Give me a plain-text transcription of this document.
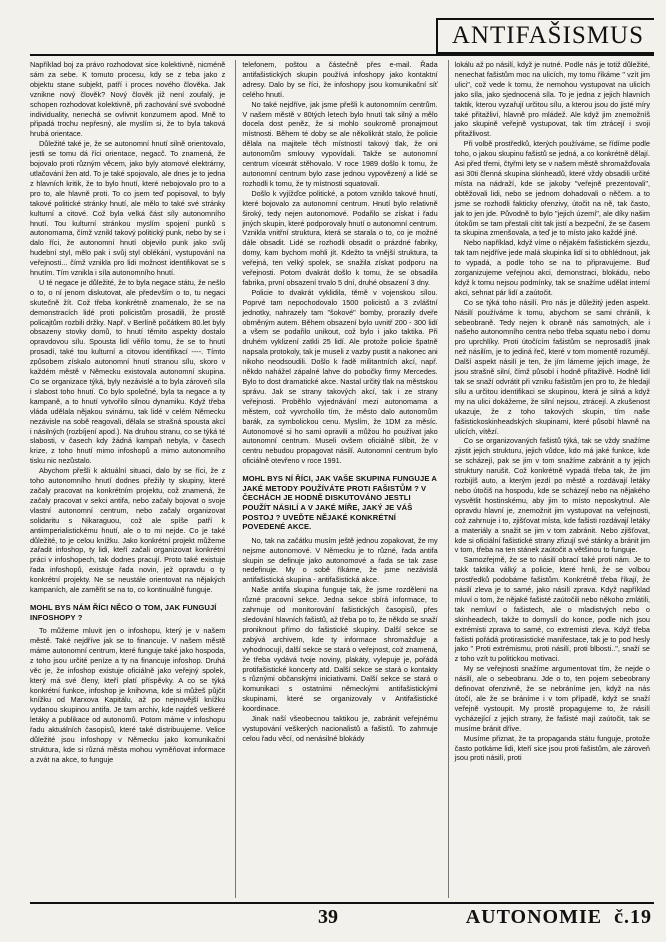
ANTIFAŠISMUS

Například boj za právo rozhodovat sice kolektivně, nicméně sám za sebe. K tomuto procesu, kdy se z teba jako z objektu stane subjekt, patří i proces nového člověka. Jak vznikne nový člověk? Nový člověk již není zoufalý, je schopen rozhodovat kolektivně, při zachování své svobodné individuality, nenechá se ovlivnit konzumem apod. Mně to připadá trochu nepřesný, ale myslím si, že to byla taková hrubá orientace.

Důležité také je, že se autonomní hnutí silně orientovalo, jestli se tomu dá říci orientace, negacč. To znamená, že bojovalo proti různým věcem, jako byly atomové elektrárny, utlačování žen atd. To je také spojovalo, ale dnes je to jedna z hlavních kritik, že to bylo hnutí, které nebojovalo pro to a pro to, ale hlavně proti. To co jsem teď popisoval, to byly takové politické stránky hnutí, ale mělo to také své stránky kulturní a citové. Což byla velká část síly autonomního hnutí. Tou kulturní stránkou myslím spojení punků s autonomama, čímž vznikl takový politický punk, nebo by se i dalo říci, že autonomní hnutí objevilo punk jako svůj hudební styl, mělo pak i svůj styl oblékání, vystupování na veřejnosti... čímž vznikla pro lidi možnost identifikovat se s hnutím. Tím vznikla i síla autonomního hnutí.

U té negace je důležité, že to byla negace státu, že nešlo o to, o ní jenom diskutovat, ale především o to, tu negaci skutečně žít. Což třeba konkrétně znamenalo, že se na demonstracích lidé proti policistům prosadili, že prostě policajtům rozbili držky. Např. v Berlíně počátkem 80.let byly obsazeny stovky domů, to hnutí těmito aspekty dostalo opravdovou sílu. Spousta lidí věřilo tomu, že se to hnutí prosadí, také tou kulturní a citovou identifikací ----. Tímto způsobem získalo autonomní hnutí stranou sílu, skoro v každém městě v Německu existovala autonomní skupina. Co se organizace týká, byly nezávislé a to byla zároveň síla i slabost toho hnutí. Co bylo společné, byla ta negace a ty kampaně, a to hnutí vytvořilo silnou dynamiku. Když třeba vláda udělala nějakou svinárnu, tak lidé v celém Německu nezávisle na sobě reagovali, dělala se strašná spousta akcí i násilných (rozbíjení apod.). Na druhou stranu, co se týká té slabosti, v časech kdy žádná kampaň nebyla, v časech krize, z toho hnutí mimo infoshopů a mimo autonomního tisku nic nezůstalo.

Abychom přešli k aktuální situaci, dalo by se říci, že z toho autonomního hnutí dodnes přežily ty skupiny, které začaly pracovat na konkrétním projektu, což znamená, že začaly pracovat v sekci antifa, nebo začaly bojovat o svoje vlastní autonomní centrum, nebo začaly organizovat solidaritu s Nikaraguou, což ale spíše patří k antiimperialistickému hnutí, ale o to mi nejde. Co je také důležité, to je celou knížku. Jako konkrétní projekt můžeme zařadit infoshop, ty lidi, kteří začali organizovat konkrétní práci v infoshopech, tak dodnes pracují. Proto také existuje řada infoshopů, existuje řada novin, jež opravdu o ty konkrétní projekty. Ne se neustále orientovat na nějakých kampaních, ale zaměřit se na to, co kontinuálně funguje.

MOHL BYS NÁM ŘÍCI NĚCO O TOM, JAK FUNGUJÍ INFOSHOPY ?

To můžeme mluvit jen o infoshopu, který je v našem městě. Také nejdříve jak se to financuje. V našem městě máme autonomní centrum, které funguje také jako hospoda, z toho jsou určité peníze a ty na financuje infoshop. Druhá věc je, že infoshop existuje oficiálně jako veřejný spolek, který má své členy, kteří platí příspěvky. A co se týká konkrétní funkce, infoshop je knihovna, kde si můžeš půjčit knížku od Marxova Kapitálu, až po nejnovější knížku vydanou skupinou antifa. Je tam archiv, kde najdeš veškeré letáky a publikace od autonomů. Potom máme v infoshopu řadu aktuálních časopisů, které také distribuujeme. Velice důležité jsou infoshopy v Německu jako komunikační struktura, kde si různá města mohou vyměňovat informace a zvát na akce, to funguje

telefonem, poštou a částečně přes e-mail. Řada antifašistických skupin používá infoshopy jako kontaktní adresy. Dalo by se říci, že infoshopy jsou komunikační síť celého hnutí.

No také nejdříve, jak jsme přešli k autonomním centrům. V našem městě v 80tých letech bylo hnutí tak silný a mělo docela dost peněz, že si mohlo soukromě pronajmout místnosti. Během té doby se ale několikrát stalo, že policie dělala na majitele těch místností takový tlak, že oni autonomům smlouvy vypovídali. Takže se autonomní centrum víceкrát stěhovalo. V roce 1989 došlo k tomu, že autonomní centrum bylo zase jednou vypovězený a lidé se rozhodli k tomu, že ty místnosti squatovali.

Došlo k vyjížďce politické, a potom vzniklo takové hnutí, které bojovalo za autonomní centrum. Hnutí bylo relativně široký, tedy nejen autonomové. Podařilo se získat i řadu jiných skupin, které podporovaly hnutí o autonomní centrum. Vznikla vnitřní struktura, která se starala o to, co je možné dále obsadit. Lidé se rozhodli obsadit o prázdné fabriky, domy, kam bychom mohli jít. Kdežto ta vnější struktura, ta veřejná, ten velký spolek, se snažila získat podporu na veřejnosti. Potom dvakrát došlo k tomu, že se obsadila fabrika, první obsazení trvalo 5 dní, druhé obsazení 3 dny.

Policie to dvakrát vyklidila, těmě v vojenskou sílou. Poprvé tam nepochodovalo 1500 policistů a 3 zvláštní jednotky, nahrazely tam "šokové" bomby, prorazily dveře obrněným autem. Během obsazení bylo uvnitř 200 - 300 lidí a všem se podařilo unikout, což bylo i jako taktika. Při druhém vyklizení zatkli 25 lidí. Ale protože policie špatně napsala protokoly, tak je museli z vazby pustit a nakonec ani nikoho neodsoudili. Došlo k řadě militantních akcí, např. někdo nahážel zápalné lahve do pobočky firmy Mercedes. Bylo to dost dramatické akce. Nastal určitý tlak na městskou správu. Jak se strany takových akcí, tak i ze strany veřejnosti. Proběhlo vyjednávání mezi autonomama a městem, což vyvrcholilo tím, že město dalo autonomům barák, za symbolickou cenu. Myslím, že 1DM za měsíc. Autonomové si ho sami opravili a můžou ho používat jako autonomní centrum. Museli ovšem oficiálně slíbit, že v centru nebudou propagovat násilí. Autonomní centrum bylo oficiálně otevřeno v roce 1991.

MOHL BYS NÍ ŘÍCI, JAK VAŠE SKUPINA FUNGUJE A JAKÉ METODY POUŽÍVÁTE PROTI FAŠISTŮM ? V ČECHÁCH JE HODNĚ DISKUTOVÁNO JESTLI POUŽÍT NÁSILÍ A V JAKÉ MÍŘE, JAKÝ JE VÁŠ POSTOJ ? UVEĎTE NĚJAKÉ KONKRÉTNÍ POVEDENÉ AKCE.

No, tak na začátku musím ještě jednou zopakovat, že my nejsme autonomové. V Německu je to různé, řada antifa skupin se definuje jako autonomové a řada se tak zase nedefinuje. My o sobě říkáme, že jsme nezávislá antifašistická skupina - antifašistická akce.

Naše antifa skupina funguje tak, že jsme rozděleni na různé pracovní sekce. Jedna sekce sbírá informace, to zahrnuje od monitorování fašistických časopisů, přes sledování hlavních fašistů, až třeba po to, že někdo se snaží proniknout přímo do fašistické skupiny. Další sekce se zabývá archivem, kde ty informace shromažďuje a vyhodnocují, další sekce se stará o veřejnost, což znamená, že třeba vydává tvoje noviny, plakáty, vylepuje je, pořádá protifašistické koncerty atd. Další sekce se stará o kontakty s různými občanskými iniciativami. Další sekce se stará o komunikaci s ostatními německými antifašistickými skupinami, které se organizovaly v Antifašistické koordinace.

Jinak naší všeobecnou taktikou je, zabránit veřejnému vystupování veškerých nacionalistů a fašistů. To zahrnuje celou řadu věcí, od nenásilné blokády

lokálu až po násilí, když je nutné. Podle nás je totiž důležité, nenechat fašistům moc na ulicích, my tomu říkáme " vzít jim ulici", což vede k tomu, že nemohou vystupovat na ulicích jako síla, jako sjednocená síla. To je jedna z jejich hlavních taktik, kterou vyzařují určitou sílu, a kterou jsou do jisté míry také přitažliví, hlavně pro mládež. Ale když jim znemožníš jako skupině veřejně vystupovat, tak tím ztrácejí i svoji přitažlivost.

Při volbě prostředků, kterých používáme, se řídíme podle toho, o jakou skupinu fašistů se jedná, a co konkrétně dělají. Asi před třemi, čtyřmi lety se v našem městě shromažďovala asi 30ti členná skupina skinheadů, které vždy obsadili určité místa na nádraží, kde se jakoby "veřejně prezentovali", obtěžovali lidi, nebo se jednom dohadovali o něčem. a to jsme se rozhodli fakticky ofenzivy, útočit na ně, tak často, jak to jen jde. Původně to bylo "jejich území", ale díky našim útokům se tam přestali cítit tak jistí a bezpeční, že se časem ta skupina zmenšovala, a teď je to místo jako každé jiné.

Nebo například, když víme o nějakém fašistickém sjezdu, tak tam nejdříve jede malá skupinka lidí si to obhlédnout, jak to vypadá, a podle toho se na to připravujeme. Buď zorganizujeme veřejnou akci, demonstraci, blokádu, nebo když k tomu nejsou podmínky, tak se snažíme udělat interní akci, sehnat pár lidí a zaútočit.

Co se týká toho násilí. Pro nás je důležitý jeden aspekt. Násilí používáme k tomu, abychom se sami chránili, k sebeobraně. Tedy nejen k obraně nás samotných, ale i našeho autonomního centra nebo třeba squatu nebo i domu pro uprchlíky. Proti útočícím fašistům se neprosadíš jinak než násilím, je to jediná řeč, které v tom momentě rozumějí. Další aspekt násilí je ten, že jím lámeme jejich image, že jsou strašně silní, čímž působí i hodně přitažlivě. Hodně lidí tak se snaží odvrátit při vzniku fašistům jen pro to, že hledají sílu a určitou identifikaci se skupinou, která je silná a když my na ulici dokážeme, že silní nejsou, ztrácejí. A zkušenost ukazuje, že z toho takových skupin, tím naše fašistickoskinheadských skupinami, které působí hlavně na ulicích, vítězí.

Co se organizovaných fašistů týká, tak se vždy snažíme zjistit jejich strukturu, jejich vůdce, kdo má jaké funkce, kde se scházejí, pak se jim v tom snažíme zabránit a ty jejich struktury narušit. Což konkrétně vypadá třeba tak, že jim rozbijíš auto, a kterým jezdí po městě a rozdávají letáky nebo útočiš na hospodu, kde se scházejí nebo na nějakého vysvětlit hostinskému, aby jim to místo neposkytnul. Ale opravdu hlavní je, znemožnit jim vystupovat na veřejnosti, což zahrnuje i to, zjišťovat místa, kde fašisti rozdávají letáky a materiály a snažit se jim v tom zabránit. Nebo zjišťovat, kde si oficiální fašistické strany zřizují své stánky a bránit jim v tom, třeba na ten stánek zaútočit a většinou to funguje.

Samozřejmě, že se to násilí obrací také proti nám. Je to takk taktika válký a policie, které hrnli, že se volbou prostředků podobáme fašistům. Konkrétně třeba říkají, že násilí zleva je to samé, jako násilí zprava. Když například mluví o tom, že nějaké fašisté zaútočili nebo někoho zmlátili, tak nemluví o fašistech, ale o mladistvých nebo o skinheadech, takže to domyslí do konce, podle nich jsou extrémisti zprava to samé, co extremisti zleva. Když třeba fašisti pořádá protirasistické manifestace, tak je to pod hesly jako " Proti extrémismu, proti násilí, proti blbosti..", snaží se z toho vzít tu politickou motivaci.

My se veřejnosti snažíme argumentovat tím, že nejde o násilí, ale o sebeobranu. Jde o to, ten pojem sebeobrany definovat ofenzivně, že se nebráníme jen, když na nás útočí, ale že se bráníme i v tom případě, když se snaží veřejně vystoupit. My prostě propagujeme to, že násilí vycházející z jejich strany, že fašisté mají zaútočit, tak se musíme bránit dříve.

Musíme přiznat, že ta propaganda státu funguje, protože často potkáme lidi, kteří sice jsou proti fašistům, ale zároveň jsou proti násilí, proti

39	AUTONOMIE č.19
